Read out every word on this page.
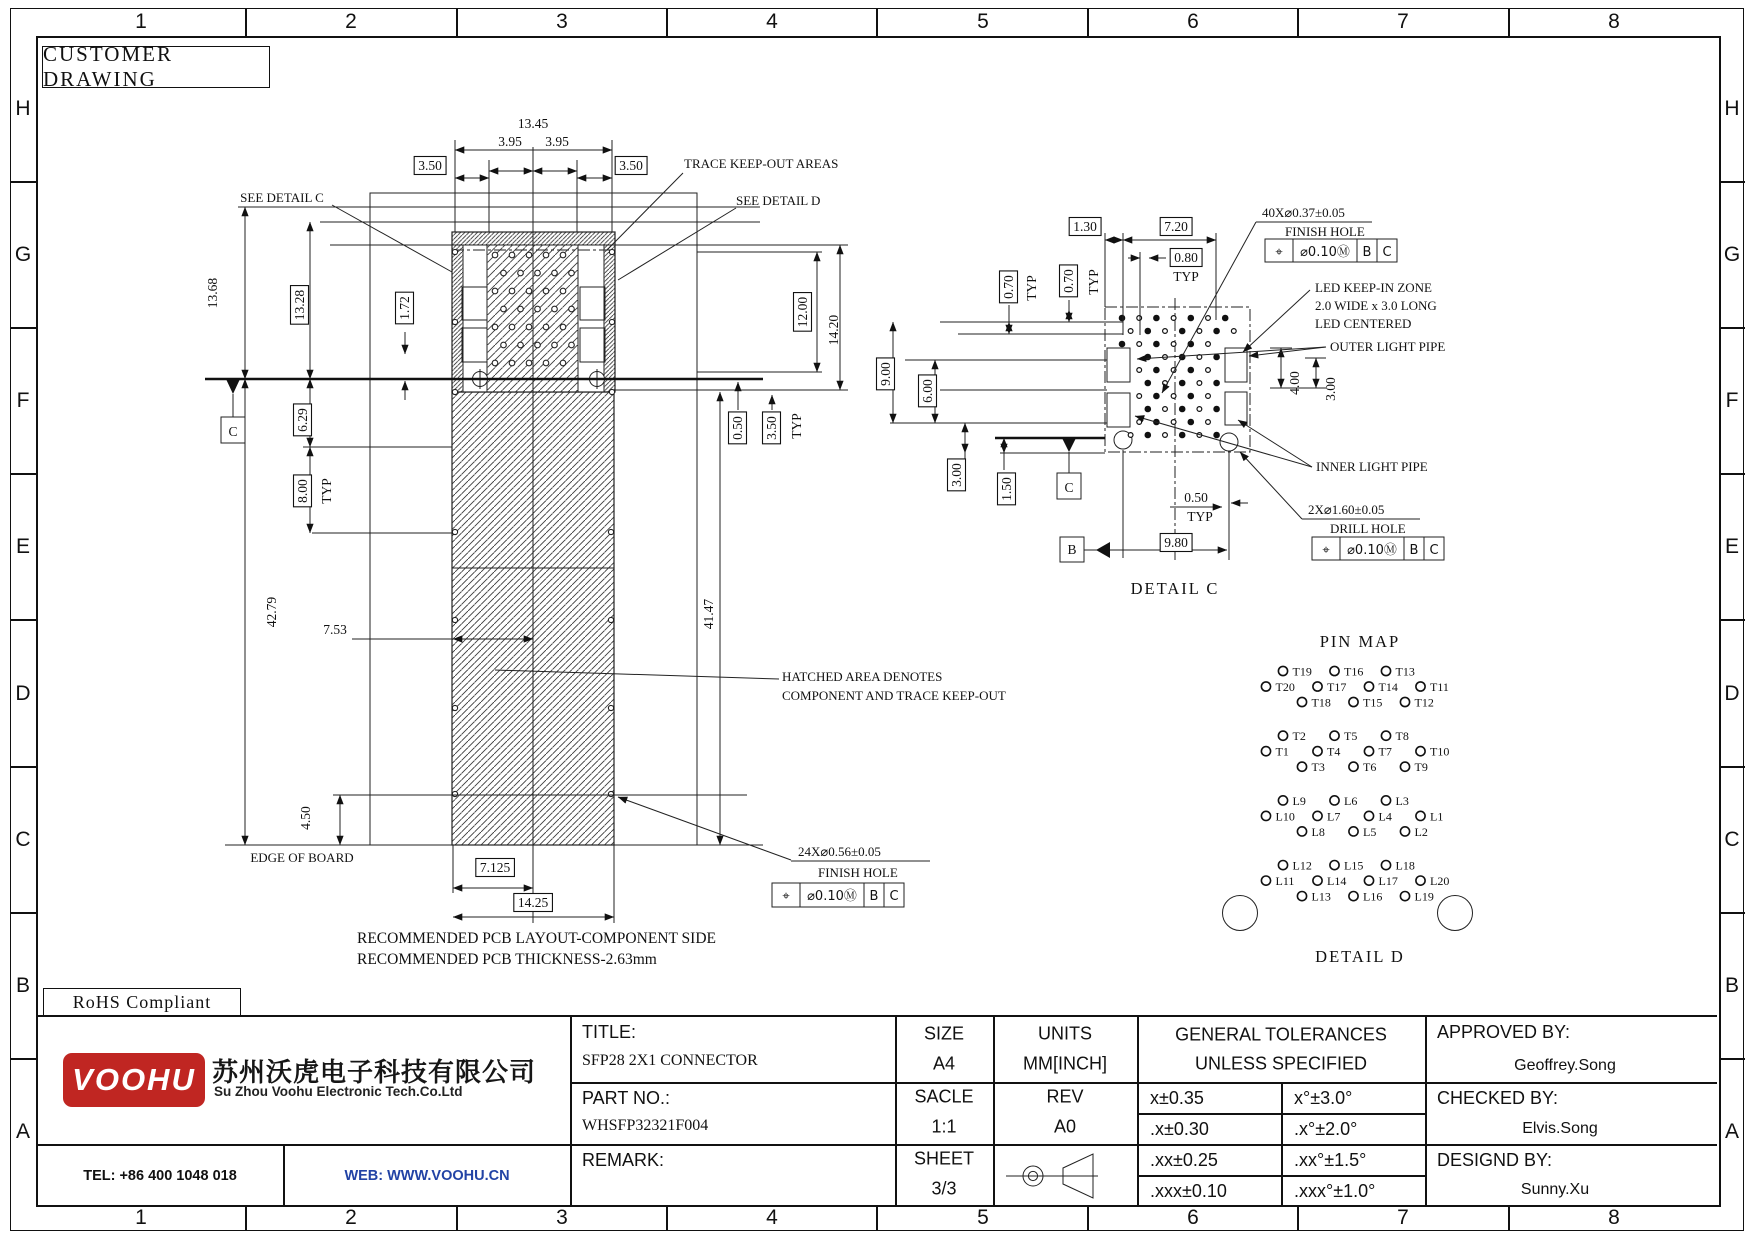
1
1
2
2
3
3
4
4
5
5
6
6
7
7
8
8
H	H
G	G
F	F
E	E
D	D
C	C
B	B
A	A
CUSTOMER DRAWING
RoHS Compliant
C
13.45
3.95 3.95
3.50	3.50
SEE DETAIL C
TRACE KEEP-OUT AREAS
SEE DETAIL D
13.68	13.28	1.72
6.29
8.00 TYP
42.79
7.53
4.50
EDGE OF BOARD
7.125
14.25
RECOMMENDED PCB LAYOUT-COMPONENT SIDE
RECOMMENDED PCB THICKNESS-2.63mm
12.00
14.20
0.50 3.50 TYP
41.47
HATCHED AREA DENOTES
COMPONENT AND TRACE KEEP-OUT
24X⌀0.56±0.05
FINISH HOLE
⌖ ⌀0.10Ⓜ B C
C
B
1.30	7.20
0.80
TYP
0.70 TYP 0.70 TYP
9.00
6.00
3.00
1.50
4.00 3.00
0.50
TYP
9.80
40X⌀0.37±0.05
FINISH HOLE
⌖ ⌀0.10Ⓜ B C
LED KEEP-IN ZONE
2.0 WIDE x 3.0 LONG
LED CENTERED
OUTER LIGHT PIPE
INNER LIGHT PIPE
2X⌀1.60±0.05
DRILL HOLE
⌖ ⌀0.10Ⓜ B C
DETAIL C
PIN MAP
T19	T16	T13
T20	T17	T14	T11
T18	T15	T12
T2	T5	T8
T1	T4	T7	T10
T3	T6	T9
L9	L6	L3
L10	L7	L4	L1
L8	L5	L2
L12	L15	L18
L11	L14	L17	L20
L13	L16	L19
DETAIL D
VOOHU 苏州沃虎电子科技有限公司
Su Zhou Voohu Electronic Tech.Co.Ltd
TEL: +86 400 1048 018	WEB: WWW.VOOHU.CN
TITLE:
SFP28 2X1 CONNECTOR
PART NO.:
WHSFP32321F004
REMARK:
SIZE
A4
UNITS
MM[INCH]
SACLE
1:1
REV
A0
SHEET
3/3
GENERAL TOLERANCES
UNLESS SPECIFIED
x±0.35	x°±3.0°
.x±0.30	.x°±2.0°
.xx±0.25	.xx°±1.5°
.xxx±0.10	.xxx°±1.0°
APPROVED BY:
Geoffrey.Song
CHECKED BY:
Elvis.Song
DESIGND BY:
Sunny.Xu
